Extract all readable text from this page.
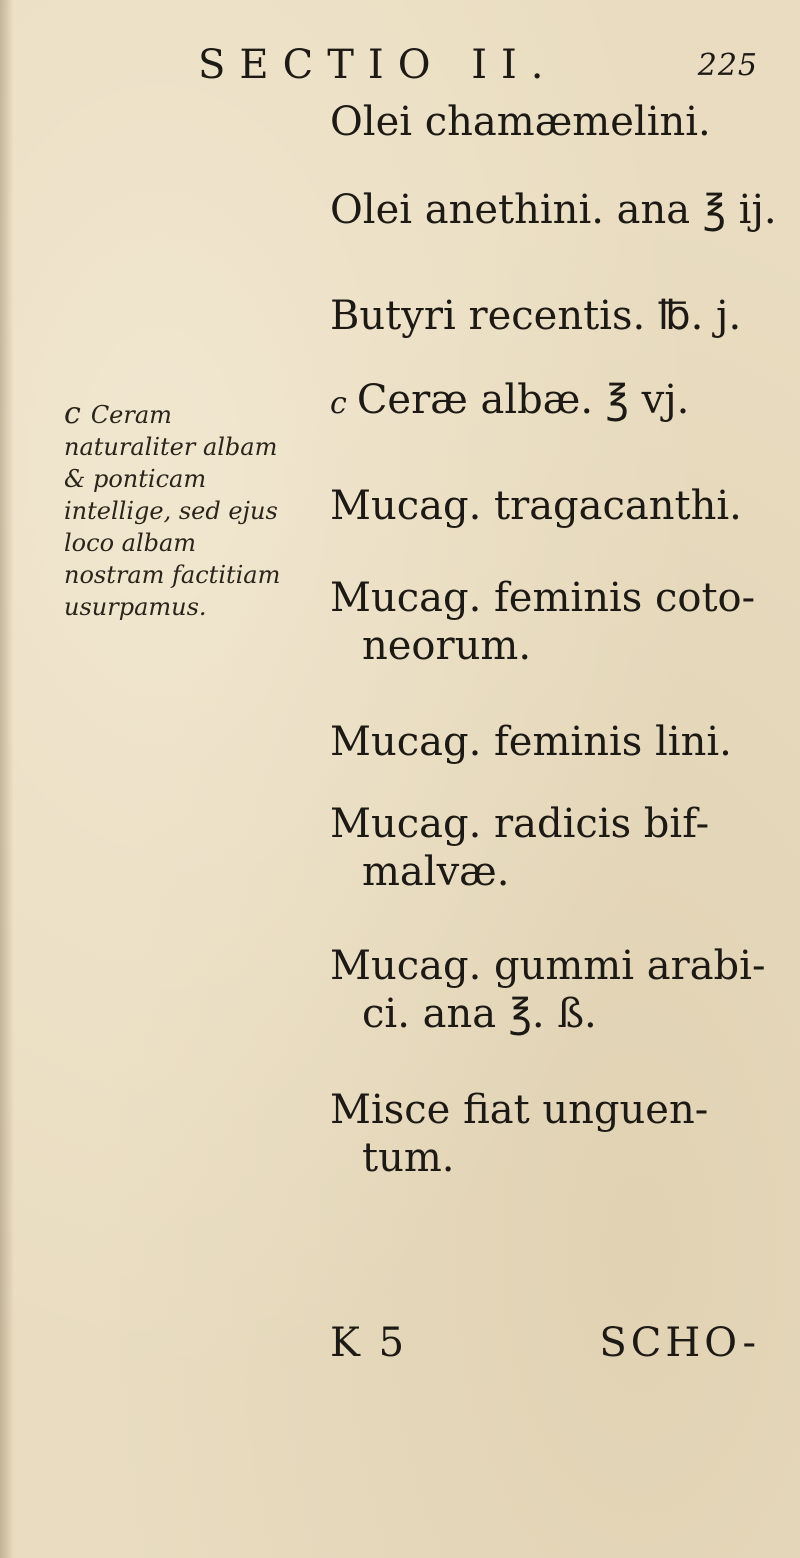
SECTIO II.	225
c Ceram naturaliter albam & ponticam intellige, sed ejus loco albam nostram factitiam usurpamus.
Olei chamæmelini.
Olei anethini. ana ℥ ij.
Butyri recentis. ℔. j.
c Ceræ albæ. ℥ vj.
Mucag. tragacanthi.
Mucag. feminis coto-
neorum.
Mucag. feminis lini.
Mucag. radicis bif-
malvæ.
Mucag. gummi arabi-
ci. ana ℥. ß.
Misce fiat unguen-
tum.
K 5	SCHO-
